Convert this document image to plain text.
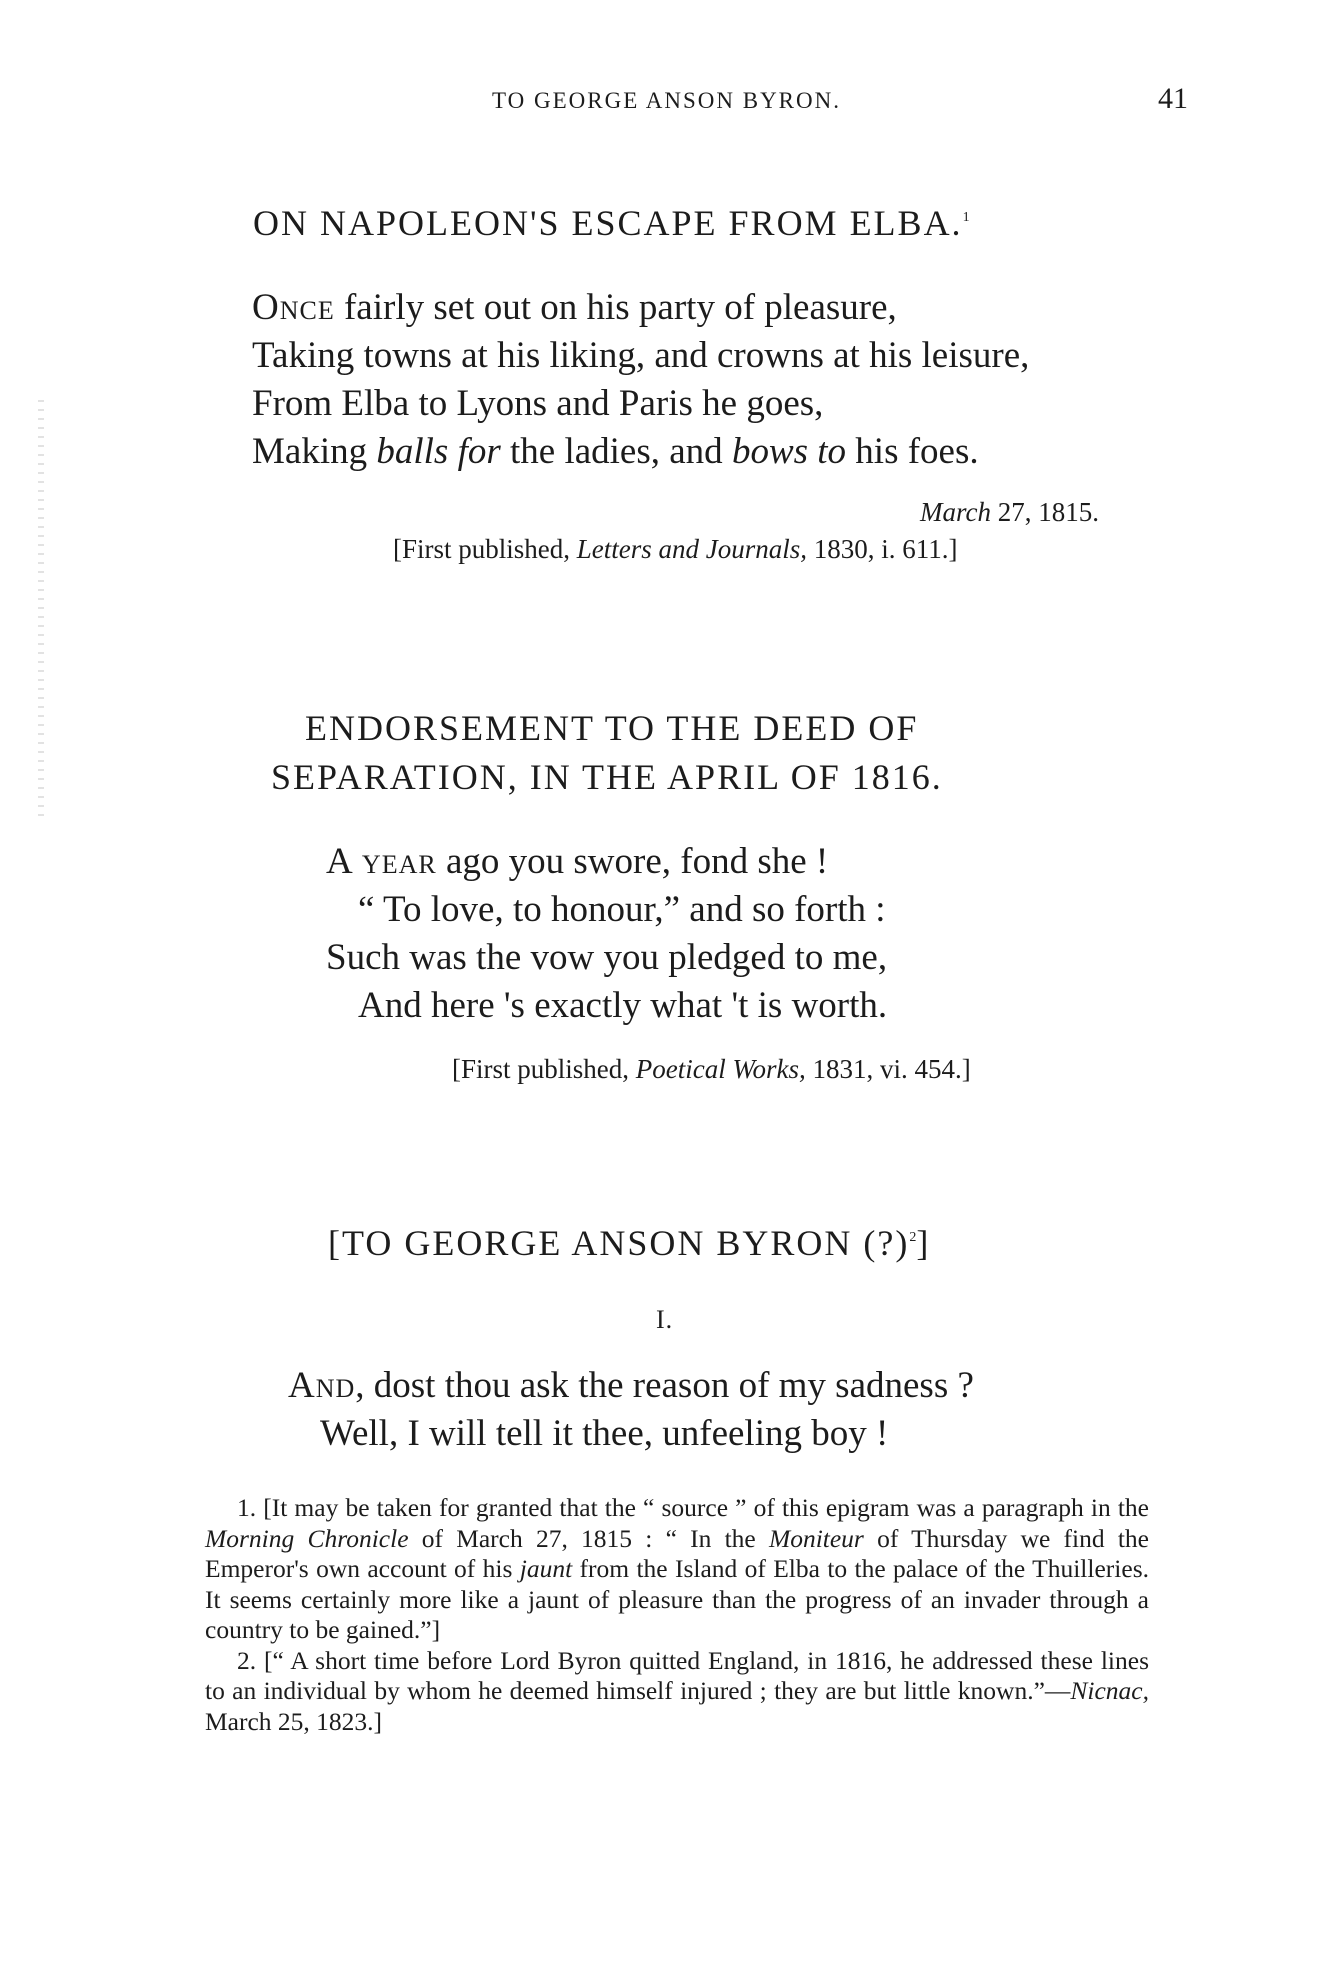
TO GEORGE ANSON BYRON.	41
ON NAPOLEON'S ESCAPE FROM ELBA.$^1$
Once fairly set out on his party of pleasure,
Taking towns at his liking, and crowns at his leisure,
From Elba to Lyons and Paris he goes,
Making balls for the ladies, and bows to his foes.
March 27, 1815.
[First published, Letters and Journals, 1830, i. 611.]
ENDORSEMENT TO THE DEED OF
SEPARATION, IN THE APRIL OF 1816.
A year ago you swore, fond she !
“ To love, to honour,” and so forth :
Such was the vow you pledged to me,
And here 's exactly what 't is worth.
[First published, Poetical Works, 1831, vi. 454.]
[TO GEORGE ANSON BYRON (?)$^2$]
I.
And, dost thou ask the reason of my sadness ?
Well, I will tell it thee, unfeeling boy !

1. [It may be taken for granted that the “ source ” of this epigram was a paragraph in the Morning Chronicle of March 27, 1815 : “ In the Moniteur of Thursday we find the Emperor's own account of his jaunt from the Island of Elba to the palace of the Thuilleries. It seems certainly more like a jaunt of pleasure than the progress of an invader through a country to be gained.”]

2. [“ A short time before Lord Byron quitted England, in 1816, he addressed these lines to an individual by whom he deemed himself injured ; they are but little known.”—Nicnac, March 25, 1823.]
